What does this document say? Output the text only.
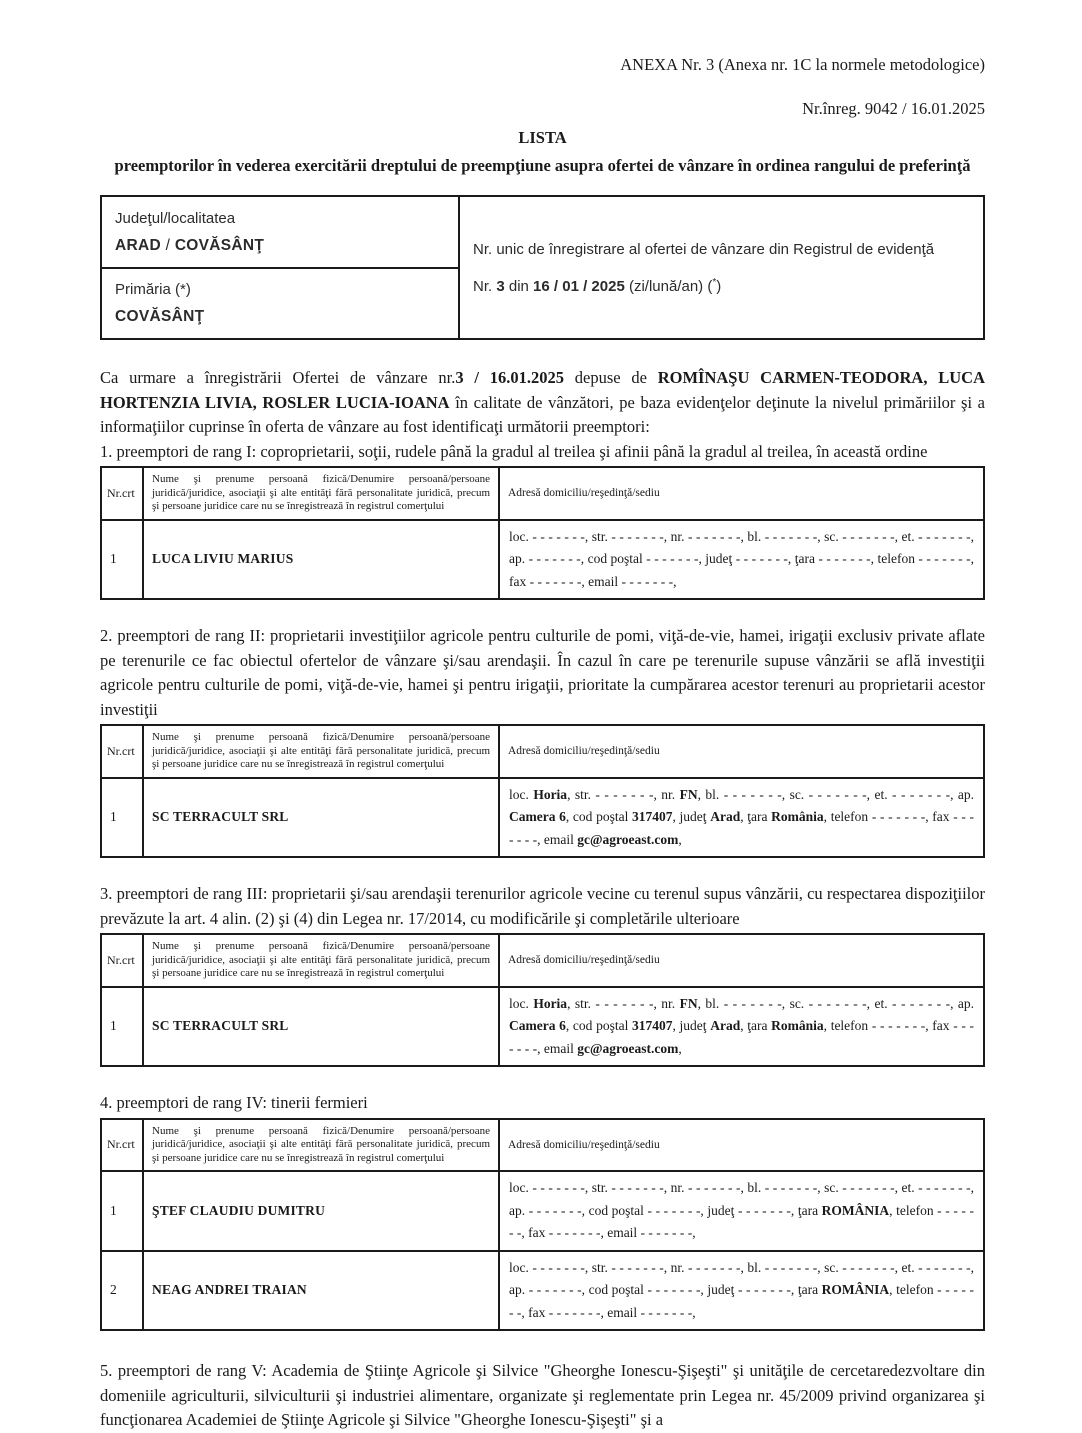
ANEXA Nr. 3 (Anexa nr. 1C la normele metodologice)
Nr.înreg. 9042 / 16.01.2025
LISTA
preemptorilor în vederea exercitării dreptului de preempţiune asupra ofertei de vânzare în ordinea rangului de preferinţă
Judeţul/localitatea
ARAD / COVĂSÂNŢ	Nr. unic de înregistrare al ofertei de vânzare din Registrul de evidenţă
Nr. 3 din 16 / 01 / 2025 (zi/lună/an) (*)

Primăria (*)
COVĂSÂNŢ

Ca urmare a înregistrării Ofertei de vânzare nr.3 / 16.01.2025 depuse de ROMÎNAŞU CARMEN-TEODORA, LUCA HORTENZIA LIVIA, ROSLER LUCIA-IOANA în calitate de vânzători, pe baza evidenţelor deţinute la nivelul primăriilor şi a informaţiilor cuprinse în oferta de vânzare au fost identificaţi următorii preemptori:

1. preemptori de rang I: coproprietarii, soţii, rudele până la gradul al treilea şi afinii până la gradul al treilea, în această ordine

Nr.crt	Nume şi prenume persoană fizică/Denumire persoană/persoane juridică/juridice, asociaţii şi alte entităţi fără personalitate juridică, precum şi persoane juridice care nu se înregistrează în registrul comerţului	Adresă domiciliu/reşedinţă/sediu
1	LUCA LIVIU MARIUS	loc. - - - - - - -, str. - - - - - - -, nr. - - - - - - -, bl. - - - - - - -, sc. - - - - - - -, et. - - - - - - -, ap. - - - - - - -, cod poştal - - - - - - -, judeţ - - - - - - -, ţara - - - - - - -, telefon - - - - - - -, fax - - - - - - -, email - - - - - - -,

2. preemptori de rang II: proprietarii investiţiilor agricole pentru culturile de pomi, viţă-de-vie, hamei, irigaţii exclusiv private aflate pe terenurile ce fac obiectul ofertelor de vânzare şi/sau arendaşii. În cazul în care pe terenurile supuse vânzării se află investiţii agricole pentru culturile de pomi, viţă-de-vie, hamei şi pentru irigaţii, prioritate la cumpărarea acestor terenuri au proprietarii acestor investiţii

Nr.crt	Nume şi prenume persoană fizică/Denumire persoană/persoane juridică/juridice, asociaţii şi alte entităţi fără personalitate juridică, precum şi persoane juridice care nu se înregistrează în registrul comerţului	Adresă domiciliu/reşedinţă/sediu
1	SC TERRACULT SRL	loc. Horia, str. - - - - - - -, nr. FN, bl. - - - - - - -, sc. - - - - - - -, et. - - - - - - -, ap. Camera 6, cod poştal 317407, judeţ Arad, ţara România, telefon - - - - - - -, fax - - - - - - -, email gc@agroeast.com,

3. preemptori de rang III: proprietarii şi/sau arendaşii terenurilor agricole vecine cu terenul supus vânzării, cu respectarea dispoziţiilor prevăzute la art. 4 alin. (2) şi (4) din Legea nr. 17/2014, cu modificările şi completările ulterioare

Nr.crt	Nume şi prenume persoană fizică/Denumire persoană/persoane juridică/juridice, asociaţii şi alte entităţi fără personalitate juridică, precum şi persoane juridice care nu se înregistrează în registrul comerţului	Adresă domiciliu/reşedinţă/sediu
1	SC TERRACULT SRL	loc. Horia, str. - - - - - - -, nr. FN, bl. - - - - - - -, sc. - - - - - - -, et. - - - - - - -, ap. Camera 6, cod poştal 317407, judeţ Arad, ţara România, telefon - - - - - - -, fax - - - - - - -, email gc@agroeast.com,

4. preemptori de rang IV: tinerii fermieri

Nr.crt	Nume şi prenume persoană fizică/Denumire persoană/persoane juridică/juridice, asociaţii şi alte entităţi fără personalitate juridică, precum şi persoane juridice care nu se înregistrează în registrul comerţului	Adresă domiciliu/reşedinţă/sediu
1	ŞTEF CLAUDIU DUMITRU	loc. - - - - - - -, str. - - - - - - -, nr. - - - - - - -, bl. - - - - - - -, sc. - - - - - - -, et. - - - - - - -, ap. - - - - - - -, cod poştal - - - - - - -, judeţ - - - - - - -, ţara ROMÂNIA, telefon - - - - - - -, fax - - - - - - -, email - - - - - - -,
2	NEAG ANDREI TRAIAN	loc. - - - - - - -, str. - - - - - - -, nr. - - - - - - -, bl. - - - - - - -, sc. - - - - - - -, et. - - - - - - -, ap. - - - - - - -, cod poştal - - - - - - -, judeţ - - - - - - -, ţara ROMÂNIA, telefon - - - - - - -, fax - - - - - - -, email - - - - - - -,

5. preemptori de rang V: Academia de Ştiinţe Agricole şi Silvice "Gheorghe Ionescu-Şişeşti" şi unităţile de cercetaredezvoltare din domeniile agriculturii, silviculturii şi industriei alimentare, organizate şi reglementate prin Legea nr. 45/2009 privind organizarea şi funcţionarea Academiei de Ştiinţe Agricole şi Silvice "Gheorghe Ionescu-Şişeşti" şi a
